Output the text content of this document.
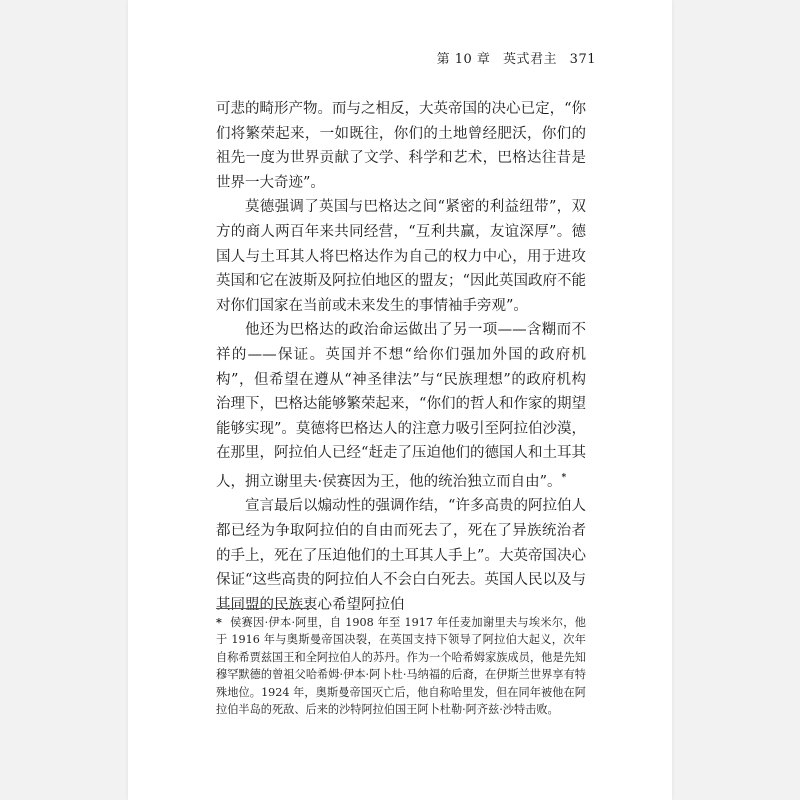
第 10 章 英式君主 371

可悲的畸形产物。而与之相反，大英帝国的决心已定，“你们将繁荣起来，一如既往，你们的土地曾经肥沃，你们的祖先一度为世界贡献了文学、科学和艺术，巴格达往昔是世界一大奇迹”。

莫德强调了英国与巴格达之间“紧密的利益纽带”，双方的商人两百年来共同经营，“互利共赢，友谊深厚”。德国人与土耳其人将巴格达作为自己的权力中心，用于进攻英国和它在波斯及阿拉伯地区的盟友；“因此英国政府不能对你们国家在当前或未来发生的事情袖手旁观”。

他还为巴格达的政治命运做出了另一项——含糊而不祥的——保证。英国并不想“给你们强加外国的政府机构”，但希望在遵从“神圣律法”与“民族理想”的政府机构治理下，巴格达能够繁荣起来，“你们的哲人和作家的期望能够实现”。莫德将巴格达人的注意力吸引至阿拉伯沙漠，在那里，阿拉伯人已经“赶走了压迫他们的德国人和土耳其人，拥立谢里夫·侯赛因为王，他的统治独立而自由”。*

宣言最后以煽动性的强调作结，“许多高贵的阿拉伯人都已经为争取阿拉伯的自由而死去了，死在了异族统治者的手上，死在了压迫他们的土耳其人手上”。大英帝国决心保证“这些高贵的阿拉伯人不会白白死去。英国人民以及与其同盟的民族衷心希望阿拉伯

* 侯赛因·伊本·阿里，自 1908 年至 1917 年任麦加谢里夫与埃米尔，他于 1916 年与奥斯曼帝国决裂，在英国支持下领导了阿拉伯大起义，次年自称希贾兹国王和全阿拉伯人的苏丹。作为一个哈希姆家族成员，他是先知穆罕默德的曾祖父哈希姆·伊本·阿卜杜·马纳福的后裔，在伊斯兰世界享有特殊地位。1924 年，奥斯曼帝国灭亡后，他自称哈里发，但在同年被他在阿拉伯半岛的死敌、后来的沙特阿拉伯国王阿卜杜勒·阿齐兹·沙特击败。
